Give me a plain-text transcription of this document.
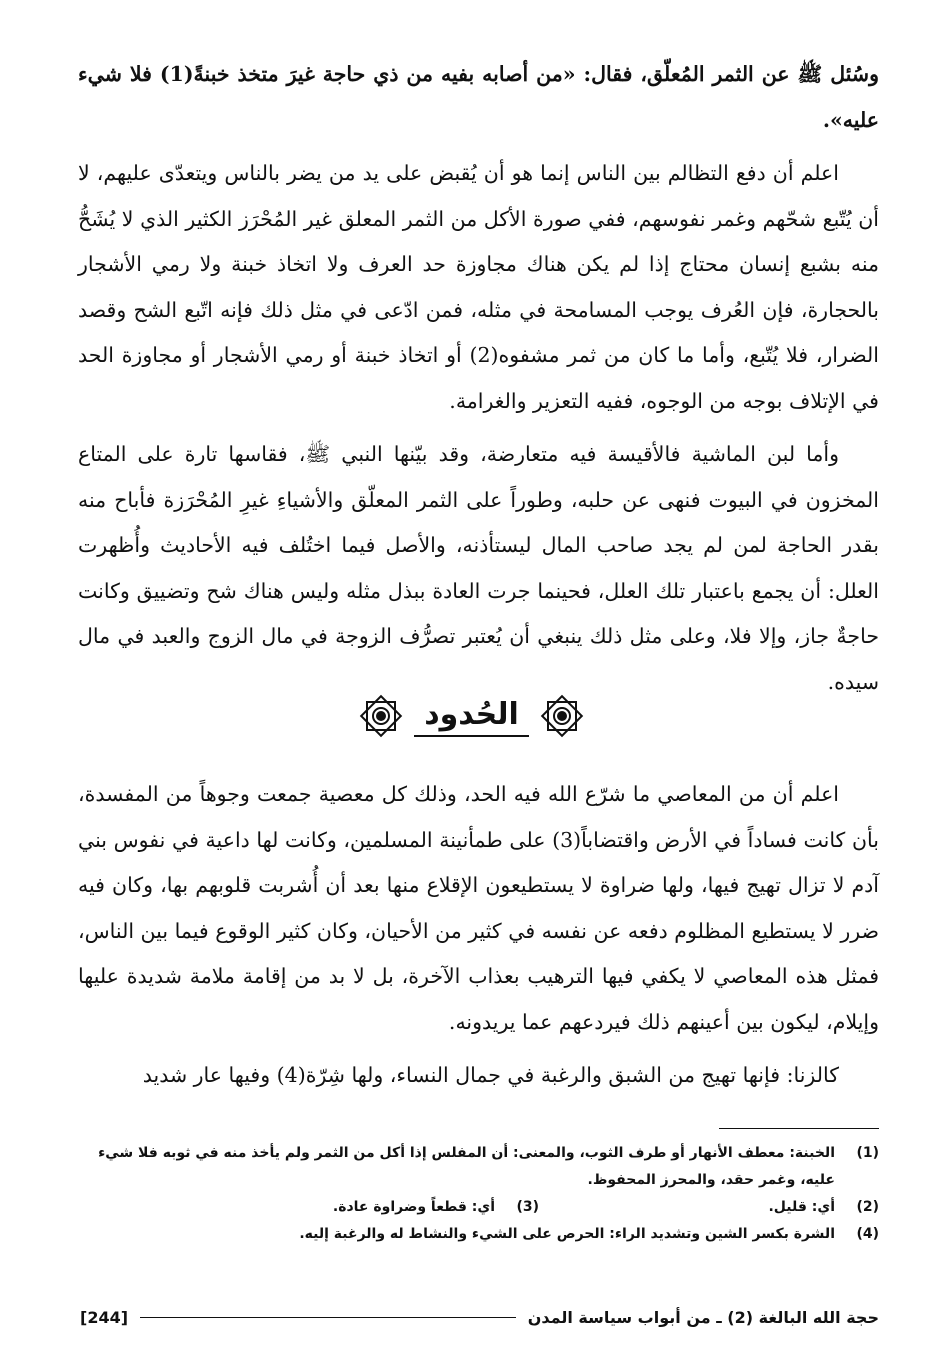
وسُئل ﷺ عن الثمر المُعلّق، فقال: «من أصابه بفيه من ذي حاجة غيرَ متخذ خبنةً(1) فلا شيء عليه».

اعلم أن دفع التظالم بين الناس إنما هو أن يُقبض على يد من يضر بالناس ويتعدّى عليهم، لا أن يُتّبع شحّهم وغمر نفوسهم، ففي صورة الأكل من الثمر المعلق غير المُحْرَز الكثير الذي لا يُشَحُّ منه بشبع إنسان محتاج إذا لم يكن هناك مجاوزة حد العرف ولا اتخاذ خبنة ولا رمي الأشجار بالحجارة، فإن العُرف يوجب المسامحة في مثله، فمن ادّعى في مثل ذلك فإنه اتّبع الشح وقصد الضرار، فلا يُتّبع، وأما ما كان من ثمر مشفوه(2) أو اتخاذ خبنة أو رمي الأشجار أو مجاوزة الحد في الإتلاف بوجه من الوجوه، ففيه التعزير والغرامة.

وأما لبن الماشية فالأقيسة فيه متعارضة، وقد بيّنها النبي ﷺ، فقاسها تارة على المتاع المخزون في البيوت فنهى عن حلبه، وطوراً على الثمر المعلّق والأشياءِ غيرِ المُحْرَزة فأباح منه بقدر الحاجة لمن لم يجد صاحب المال ليستأذنه، والأصل فيما اختُلف فيه الأحاديث وأُظهرت العلل: أن يجمع باعتبار تلك العلل، فحينما جرت العادة ببذل مثله وليس هناك شح وتضييق وكانت حاجةٌ جاز، وإلا فلا، وعلى مثل ذلك ينبغي أن يُعتبر تصرُّف الزوجة في مال الزوج والعبد في مال سيده.

الحُدود

اعلم أن من المعاصي ما شرّع الله فيه الحد، وذلك كل معصية جمعت وجوهاً من المفسدة، بأن كانت فساداً في الأرض واقتضاباً(3) على طمأنينة المسلمين، وكانت لها داعية في نفوس بني آدم لا تزال تهيج فيها، ولها ضراوة لا يستطيعون الإقلاع منها بعد أن أُشربت قلوبهم بها، وكان فيه ضرر لا يستطيع المظلوم دفعه عن نفسه في كثير من الأحيان، وكان كثير الوقوع فيما بين الناس، فمثل هذه المعاصي لا يكفي فيها الترهيب بعذاب الآخرة، بل لا بد من إقامة ملامة شديدة عليها وإيلام، ليكون بين أعينهم ذلك فيردعهم عما يريدونه.

كالزنا: فإنها تهيج من الشبق والرغبة في جمال النساء، ولها شِرّة(4) وفيها عار شديد

(1)
الخبنة: معطف الأنهار أو طرف الثوب، والمعنى: أن المفلس إذا أكل من الثمر ولم يأخذ منه في ثوبه فلا شيء عليه، وغمر حقد، والمحرز المحفوظ.
(2)
أي: قليل.
(3)
أي: قطعاً وضراوة عادة.
(4)
الشرة بكسر الشين وتشديد الراء: الحرص على الشيء والنشاط له والرغبة إليه.
حجة الله البالغة (2) ـ من أبواب سياسة المدن
[244]
